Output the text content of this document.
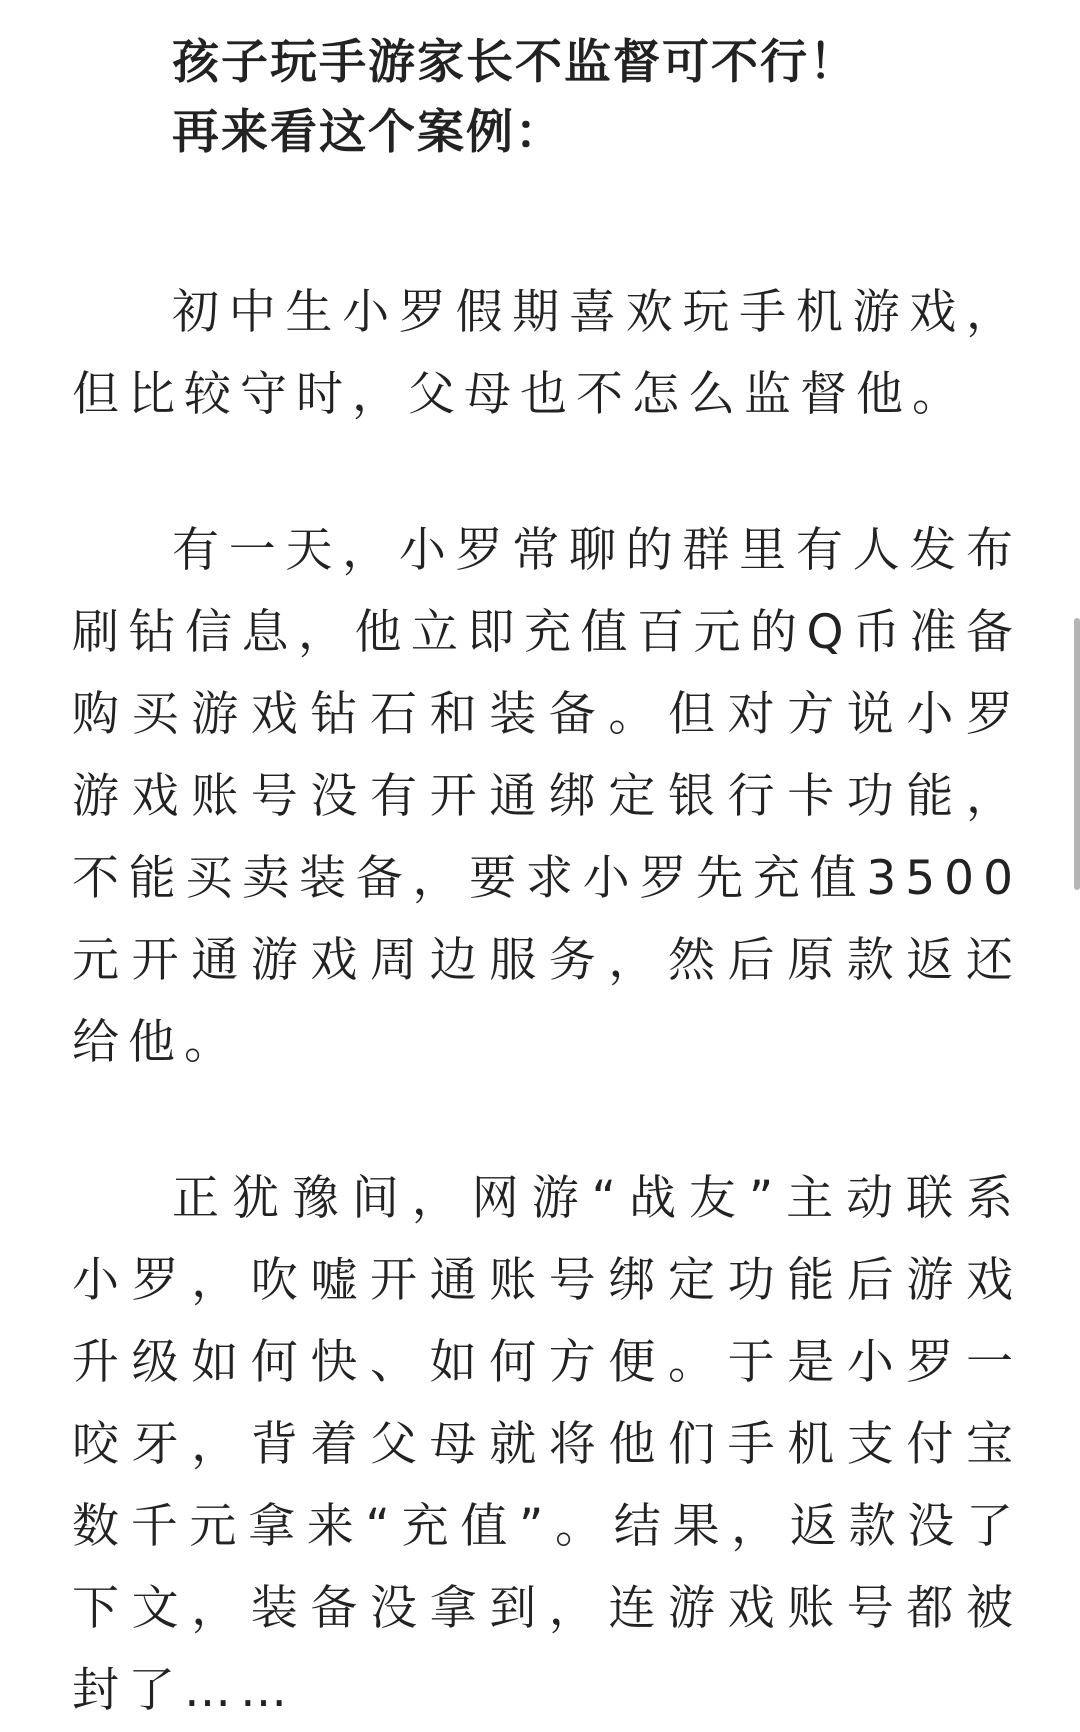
孩子玩手游家长不监督可不行！

再来看这个案例：

初中生小罗假期喜欢玩手机游戏，但比较守时，父母也不怎么监督他。

有一天，小罗常聊的群里有人发布刷钻信息，他立即充值百元的Q币准备购买游戏钻石和装备。但对方说小罗游戏账号没有开通绑定银行卡功能，不能买卖装备，要求小罗先充值3500元开通游戏周边服务，然后原款返还给他。

正犹豫间，网游“战友”主动联系小罗，吹嘘开通账号绑定功能后游戏升级如何快、如何方便。于是小罗一咬牙，背着父母就将他们手机支付宝数千元拿来“充值”。结果，返款没了下文，装备没拿到，连游戏账号都被封了……
